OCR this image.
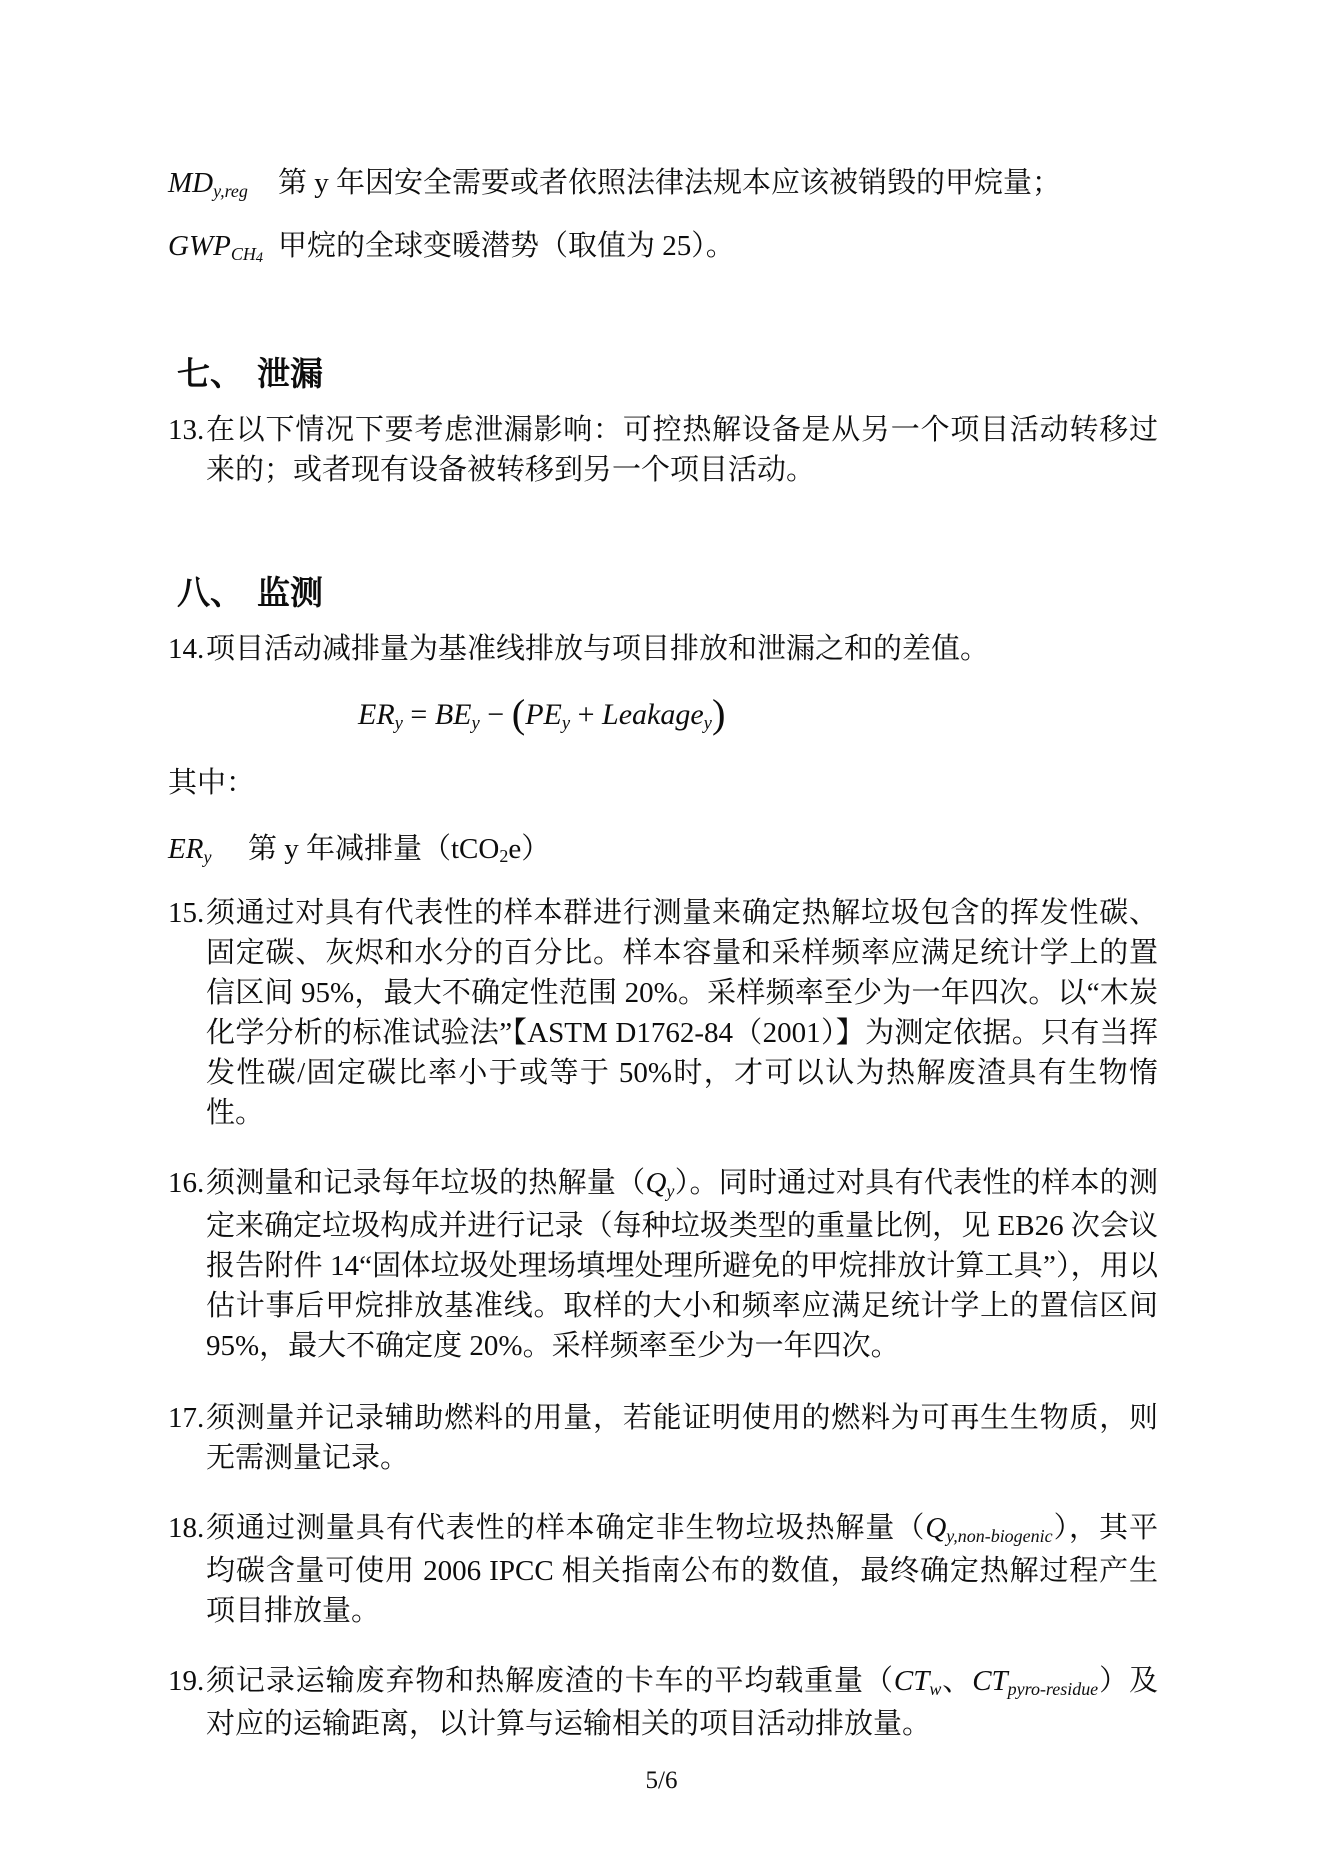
MDy,reg	第 y 年因安全需要或者依照法律法规本应该被销毁的甲烷量；
$GWPCH_4$ 甲烷的全球变暖潜势（取值为 25）。
七、 泄漏
13. 在以下情况下要考虑泄漏影响：可控热解设备是从另一个项目活动转移过来的；或者现有设备被转移到另一个项目活动。
八、 监测
14. 项目活动减排量为基准线排放与项目排放和泄漏之和的差值。
ERy = BEy − (PEy + Leakagey)
其中：
ERy	第 y 年减排量（tCO2e）
15. 须通过对具有代表性的样本群进行测量来确定热解垃圾包含的挥发性碳、固定碳、灰烬和水分的百分比。样本容量和采样频率应满足统计学上的置信区间 95%，最大不确定性范围 20%。采样频率至少为一年四次。以“木炭化学分析的标准试验法”【ASTM D1762-84（2001）】为测定依据。只有当挥发性碳/固定碳比率小于或等于 50%时，才可以认为热解废渣具有生物惰性。
16. 须测量和记录每年垃圾的热解量（Qy）。同时通过对具有代表性的样本的测定来确定垃圾构成并进行记录（每种垃圾类型的重量比例，见 EB26 次会议报告附件 14“固体垃圾处理场填埋处理所避免的甲烷排放计算工具”），用以估计事后甲烷排放基准线。取样的大小和频率应满足统计学上的置信区间 95%，最大不确定度 20%。采样频率至少为一年四次。
17. 须测量并记录辅助燃料的用量，若能证明使用的燃料为可再生生物质，则无需测量记录。
18. 须通过测量具有代表性的样本确定非生物垃圾热解量（Qy,non-biogenic），其平均碳含量可使用 2006 IPCC 相关指南公布的数值，最终确定热解过程产生项目排放量。
19. 须记录运输废弃物和热解废渣的卡车的平均载重量（CTw、CTpyro-residue）及对应的运输距离，以计算与运输相关的项目活动排放量。
5/6
